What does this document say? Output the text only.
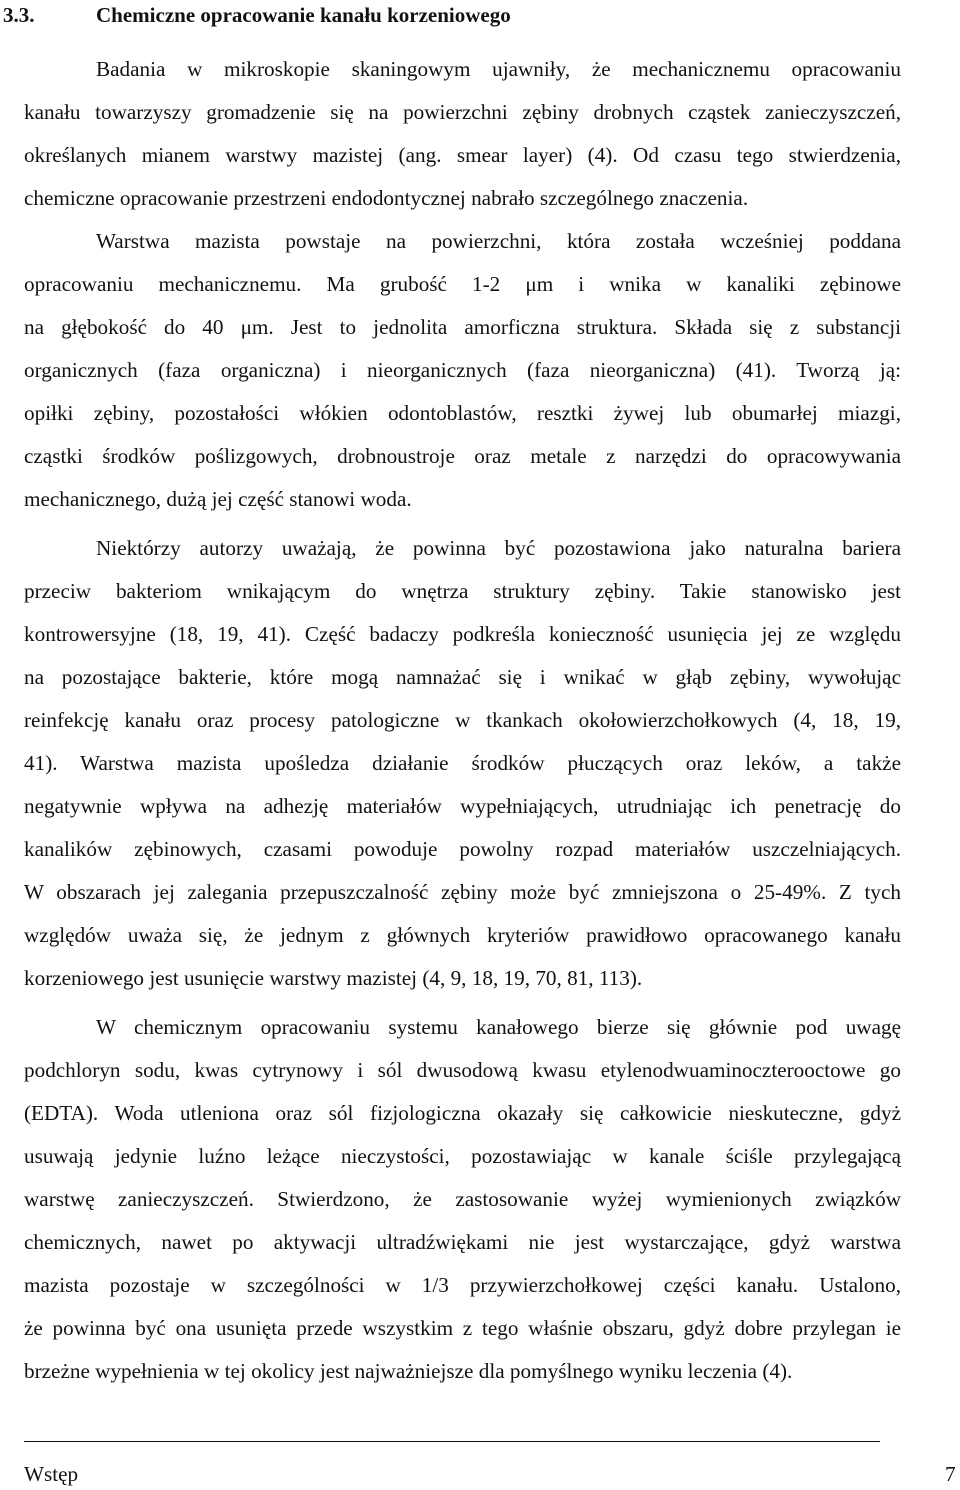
3.3.	Chemiczne opracowanie kanału korzeniowego
Badania w mikroskopie skaningowym ujawniły, że mechanicznemu opracowaniu
kanału towarzyszy gromadzenie się na powierzchni zębiny drobnych cząstek zanieczyszczeń,
określanych mianem warstwy mazistej (ang. smear layer) (4). Od czasu tego stwierdzenia,
chemiczne opracowanie przestrzeni endodontycznej nabrało szczególnego znaczenia.
Warstwa mazista powstaje na powierzchni, która została wcześniej poddana
opracowaniu mechanicznemu. Ma grubość 1-2 μm i wnika w kanaliki zębinowe
na głębokość do 40 μm. Jest to jednolita amorficzna struktura. Składa się z substancji
organicznych (faza organiczna) i nieorganicznych (faza nieorganiczna) (41). Tworzą ją:
opiłki zębiny, pozostałości włókien odontoblastów, resztki żywej lub obumarłej miazgi,
cząstki środków poślizgowych, drobnoustroje oraz metale z narzędzi do opracowywania
mechanicznego, dużą jej część stanowi woda.
Niektórzy autorzy uważają, że powinna być pozostawiona jako naturalna bariera
przeciw bakteriom wnikającym do wnętrza struktury zębiny. Takie stanowisko jest
kontrowersyjne (18, 19, 41). Część badaczy podkreśla konieczność usunięcia jej ze względu
na pozostające bakterie, które mogą namnażać się i wnikać w głąb zębiny, wywołując
reinfekcję kanału oraz procesy patologiczne w tkankach okołowierzchołkowych (4, 18, 19,
41). Warstwa mazista upośledza działanie środków płuczących oraz leków, a także
negatywnie wpływa na adhezję materiałów wypełniających, utrudniając ich penetrację do
kanalików zębinowych, czasami powoduje powolny rozpad materiałów uszczelniających.
W obszarach jej zalegania przepuszczalność zębiny może być zmniejszona o 25-49%. Z tych
względów uważa się, że jednym z głównych kryteriów prawidłowo opracowanego kanału
korzeniowego jest usunięcie warstwy mazistej (4, 9, 18, 19, 70, 81, 113).
W chemicznym opracowaniu systemu kanałowego bierze się głównie pod uwagę
podchloryn sodu, kwas cytrynowy i sól dwusodową kwasu etylenodwuaminoczterooctowe go
(EDTA). Woda utleniona oraz sól fizjologiczna okazały się całkowicie nieskuteczne, gdyż
usuwają jedynie luźno leżące nieczystości, pozostawiając w kanale ściśle przylegającą
warstwę zanieczyszczeń. Stwierdzono, że zastosowanie wyżej wymienionych związków
chemicznych, nawet po aktywacji ultradźwiękami nie jest wystarczające, gdyż warstwa
mazista pozostaje w szczególności w 1/3 przywierzchołkowej części kanału. Ustalono,
że powinna być ona usunięta przede wszystkim z tego właśnie obszaru, gdyż dobre przylegan ie
brzeżne wypełnienia w tej okolicy jest najważniejsze dla pomyślnego wyniku leczenia (4).
Wstęp	7
